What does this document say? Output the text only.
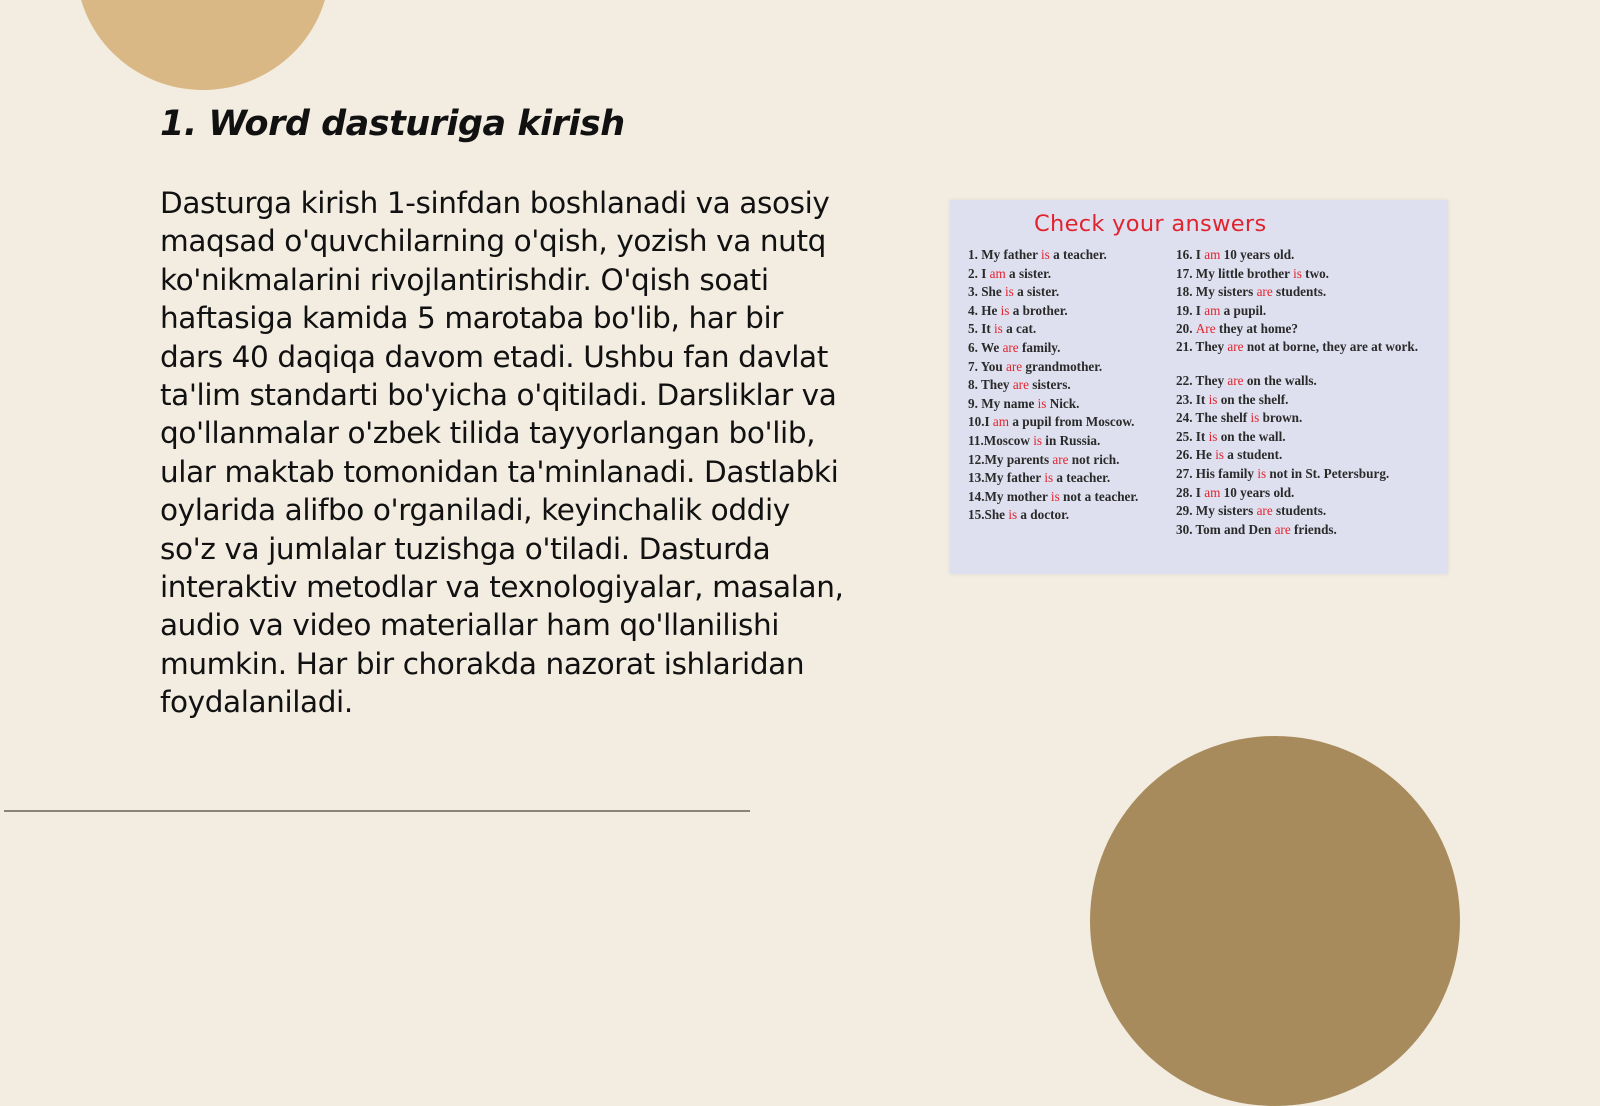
1. Word dasturiga kirish

Dasturga kirish 1-sinfdan boshlanadi va asosiy maqsad o'quvchilarning o'qish, yozish va nutq ko'nikmalarini rivojlantirishdir. O'qish soati haftasiga kamida 5 marotaba bo'lib, har bir dars 40 daqiqa davom etadi. Ushbu fan davlat ta'lim standarti bo'yicha o'qitiladi. Darsliklar va qo'llanmalar o'zbek tilida tayyorlangan bo'lib, ular maktab tomonidan ta'minlanadi. Dastlabki oylarida alifbo o'rganiladi, keyinchalik oddiy so'z va jumlalar tuzishga o'tiladi. Dasturda interaktiv metodlar va texnologiyalar, masalan, audio va video materiallar ham qo'llanilishi mumkin. Har bir chorakda nazorat ishlaridan foydalaniladi.

Check your answers
1. My father is a teacher.
2. I am a sister.
3. She is a sister.
4. He is a brother.
5. It is a cat.
6. We are family.
7. You are grandmother.
8. They are sisters.
9. My name is Nick.
10.I am a pupil from Moscow.
11.Moscow is in Russia.
12.My parents are not rich.
13.My father is a teacher.
14.My mother is not a teacher.
15.She is a doctor.
16. I am 10 years old.
17. My little brother is two.
18. My sisters are students.
19. I am a pupil.
20. Are they at home?
21. They are not at borne, they are at work.
22. They are on the walls.
23. It is on the shelf.
24. The shelf is brown.
25. It is on the wall.
26. He is a student.
27. His family is not in St. Petersburg.
28. I am 10 years old.
29. My sisters are students.
30. Tom and Den are friends.
